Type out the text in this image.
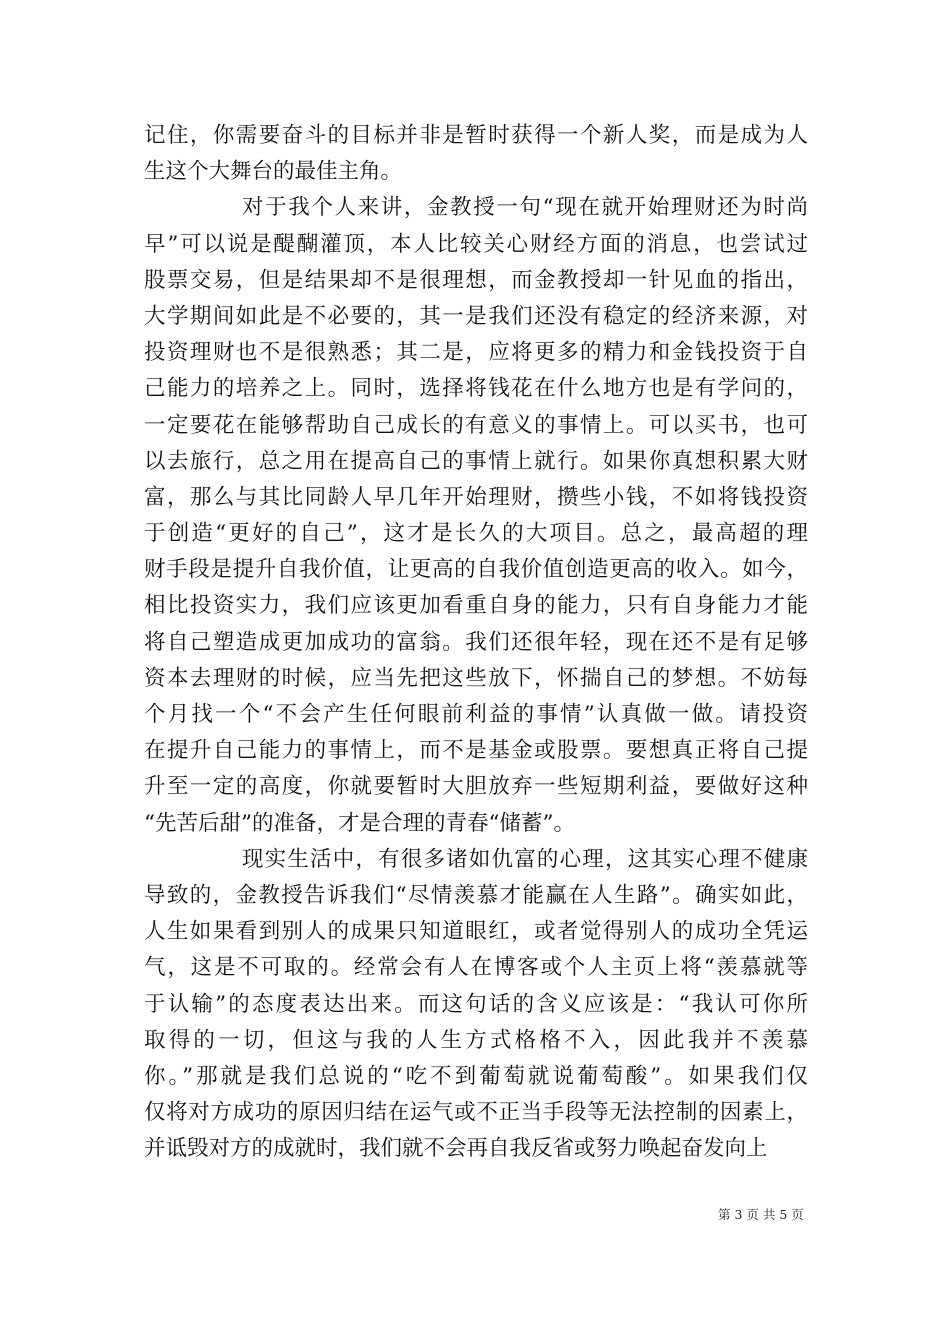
记住，你需要奋斗的目标并非是暂时获得一个新人奖，而是成为人
生这个大舞台的最佳主角。
对于我个人来讲，金教授一句“现在就开始理财还为时尚
早”可以说是醍醐灌顶，本人比较关心财经方面的消息，也尝试过
股票交易，但是结果却不是很理想，而金教授却一针见血的指出，
大学期间如此是不必要的，其一是我们还没有稳定的经济来源，对
投资理财也不是很熟悉；其二是，应将更多的精力和金钱投资于自
己能力的培养之上。同时，选择将钱花在什么地方也是有学问的，
一定要花在能够帮助自己成长的有意义的事情上。可以买书，也可
以去旅行，总之用在提高自己的事情上就行。如果你真想积累大财
富，那么与其比同龄人早几年开始理财，攒些小钱，不如将钱投资
于创造“更好的自己”，这才是长久的大项目。总之，最高超的理
财手段是提升自我价值，让更高的自我价值创造更高的收入。如今，
相比投资实力，我们应该更加看重自身的能力，只有自身能力才能
将自己塑造成更加成功的富翁。我们还很年轻，现在还不是有足够
资本去理财的时候，应当先把这些放下，怀揣自己的梦想。不妨每
个月找一个“不会产生任何眼前利益的事情”认真做一做。请投资
在提升自己能力的事情上，而不是基金或股票。要想真正将自己提
升至一定的高度，你就要暂时大胆放弃一些短期利益，要做好这种
“先苦后甜”的准备，才是合理的青春“储蓄”。
现实生活中，有很多诸如仇富的心理，这其实心理不健康
导致的，金教授告诉我们“尽情羡慕才能赢在人生路”。确实如此，
人生如果看到别人的成果只知道眼红，或者觉得别人的成功全凭运
气，这是不可取的。经常会有人在博客或个人主页上将“羡慕就等
于认输”的态度表达出来。而这句话的含义应该是：“我认可你所
取得的一切，但这与我的人生方式格格不入，因此我并不羡慕
你。”那就是我们总说的“吃不到葡萄就说葡萄酸”。如果我们仅
仅将对方成功的原因归结在运气或不正当手段等无法控制的因素上，
并诋毁对方的成就时，我们就不会再自我反省或努力唤起奋发向上
第 3 页 共 5 页
